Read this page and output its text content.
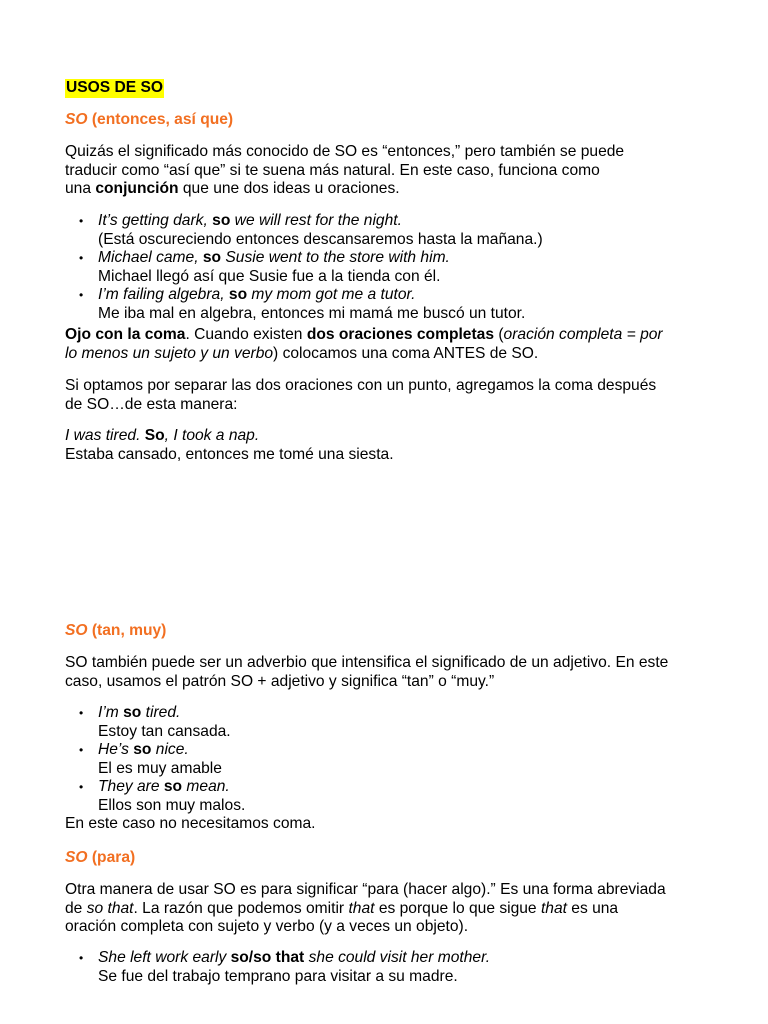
USOS DE SO
SO (entonces, así que)

Quizás el significado más conocido de SO es “entonces,” pero también se puede

traducir como “así que” si te suena más natural. En este caso, funciona como

una conjunción que une dos ideas u oraciones.

• It’s getting dark, so we will rest for the night.
(Está oscureciendo entonces descansaremos hasta la mañana.)
• Michael came, so Susie went to the store with him.
Michael llegó así que Susie fue a la tienda con él.
• I’m failing algebra, so my mom got me a tutor.
Me iba mal en algebra, entonces mi mamá me buscó un tutor.

Ojo con la coma. Cuando existen dos oraciones completas (oración completa = por

lo menos un sujeto y un verbo) colocamos una coma ANTES de SO.

Si optamos por separar las dos oraciones con un punto, agregamos la coma después

de SO…de esta manera:

I was tired. So, I took a nap.

Estaba cansado, entonces me tomé una siesta.

SO (tan, muy)

SO también puede ser un adverbio que intensifica el significado de un adjetivo. En este

caso, usamos el patrón SO + adjetivo y significa “tan” o “muy.”

• I’m so tired.
Estoy tan cansada.
• He’s so nice.
El es muy amable
• They are so mean.
Ellos son muy malos.

En este caso no necesitamos coma.

SO (para)

Otra manera de usar SO es para significar “para (hacer algo).” Es una forma abreviada

de so that. La razón que podemos omitir that es porque lo que sigue that es una

oración completa con sujeto y verbo (y a veces un objeto).

• She left work early so/so that she could visit her mother.
Se fue del trabajo temprano para visitar a su madre.
